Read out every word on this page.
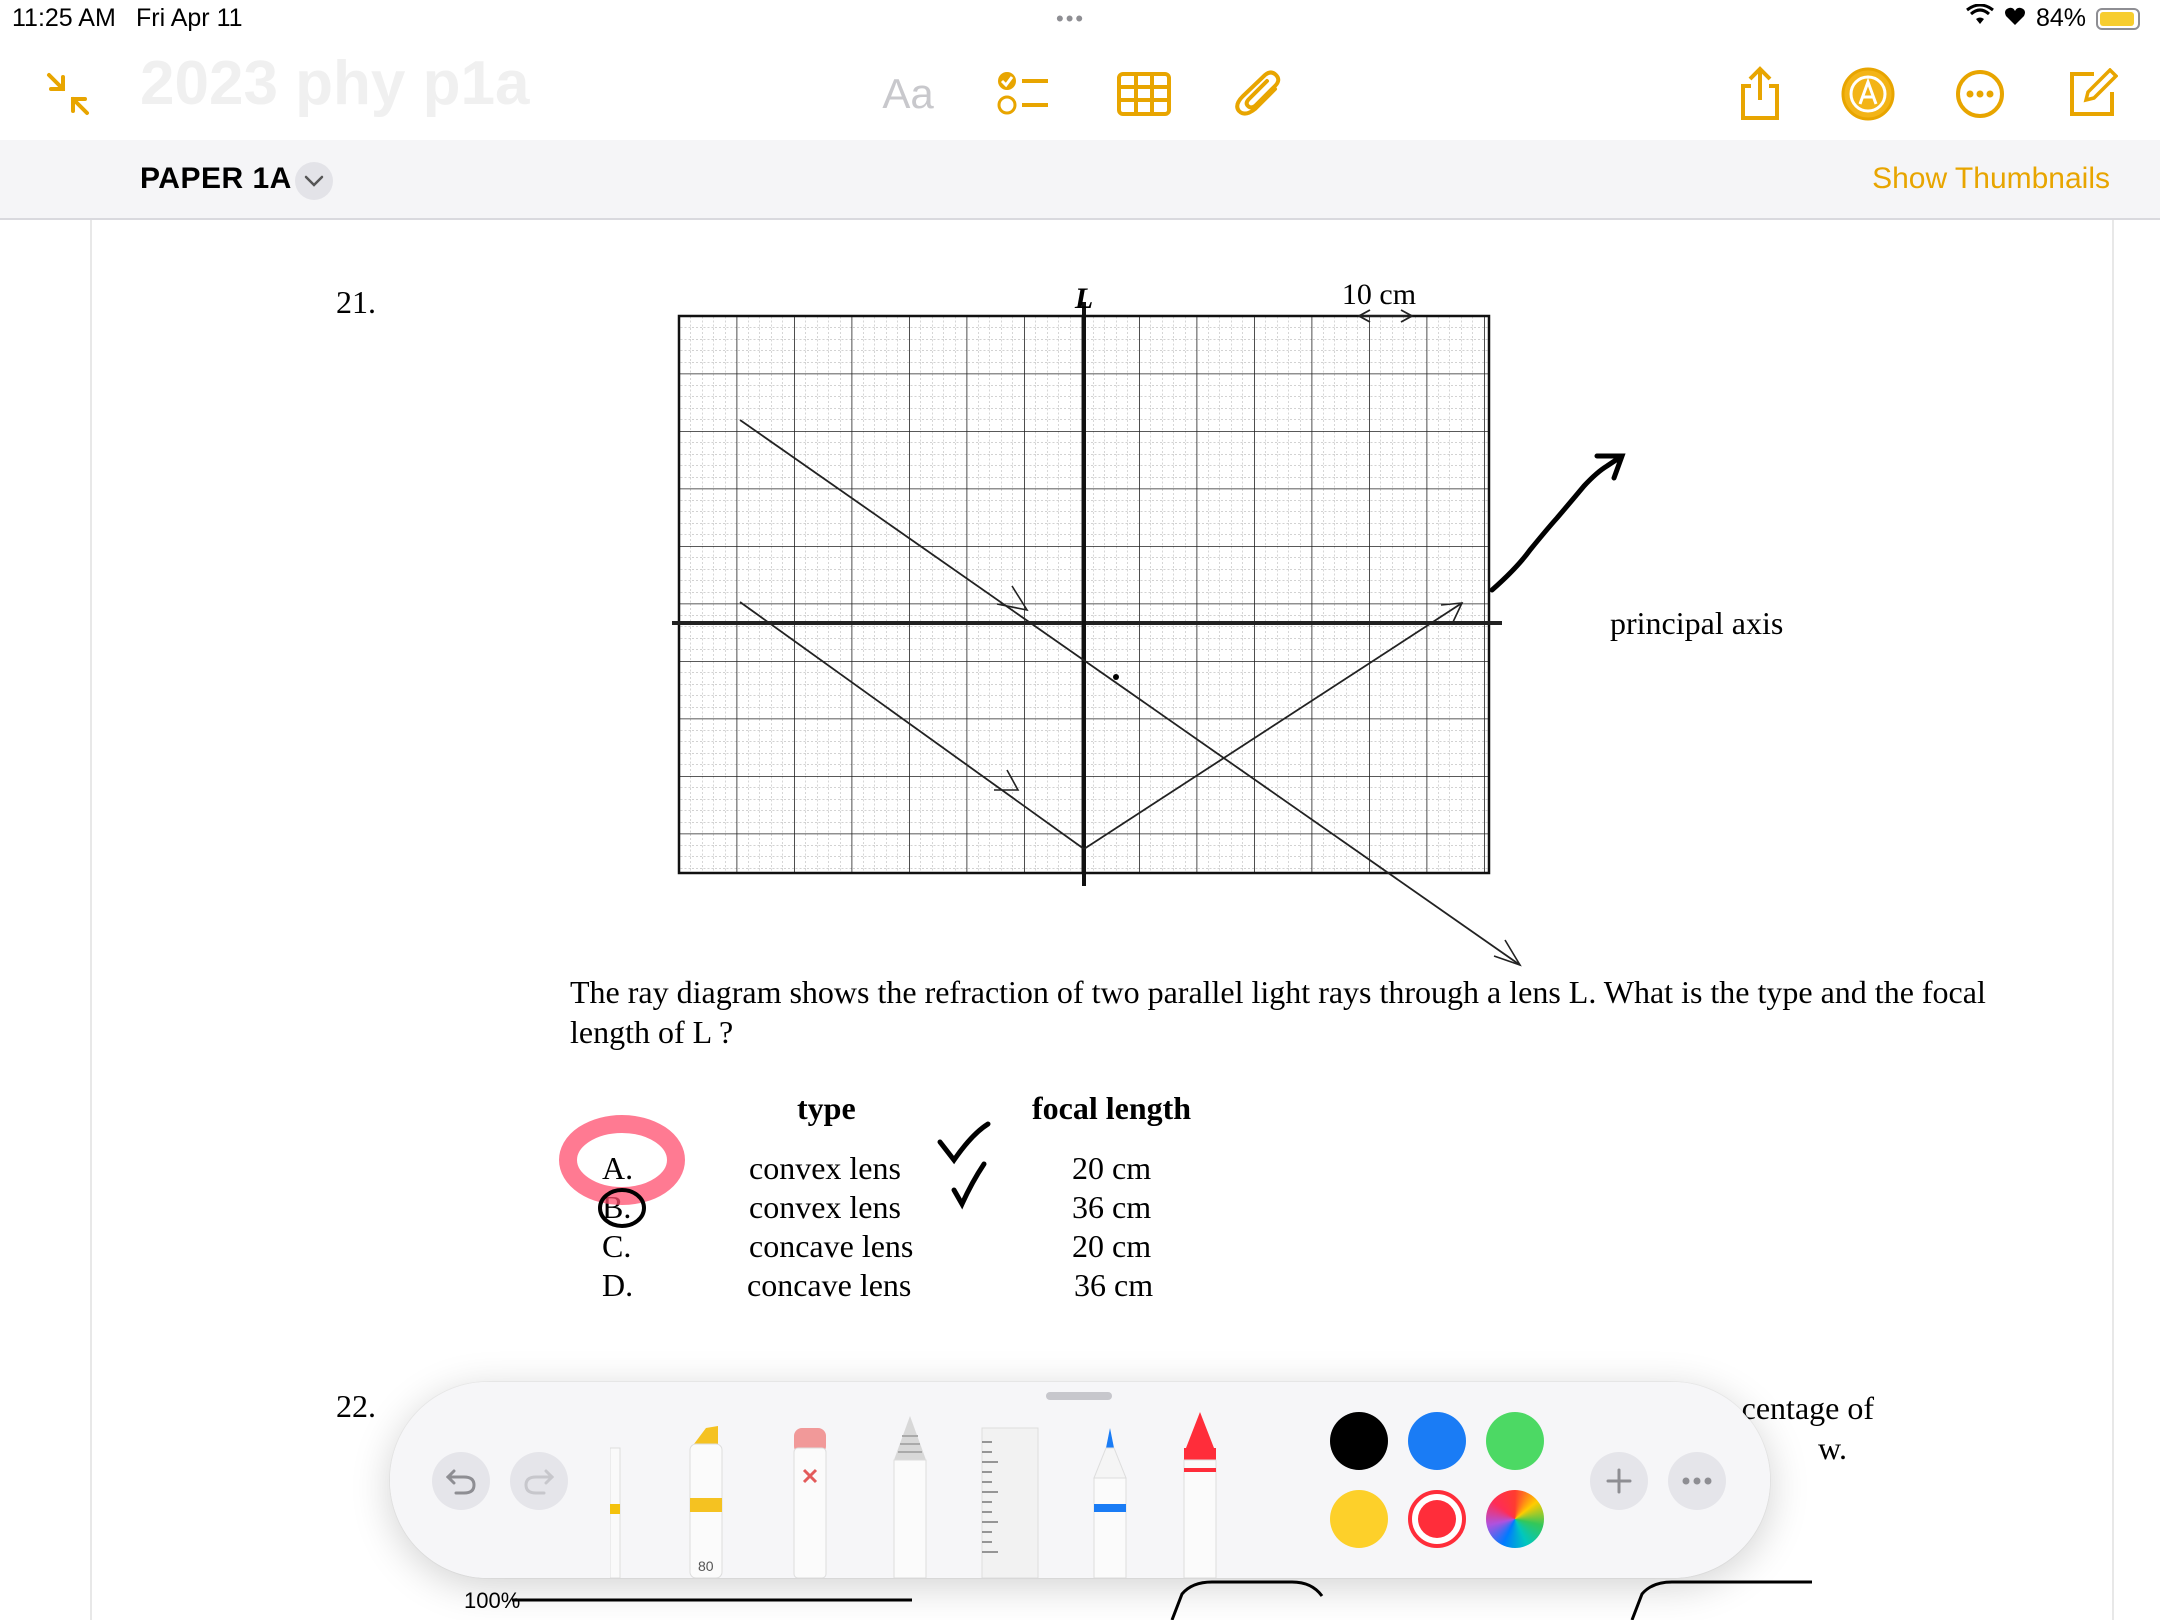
11:25 AM Fri Apr 11	•••	84%
2023 phy p1a	Aa
PAPER 1A	Show Thumbnails
21.	L	10 cm
principal axis
The ray diagram shows the refraction of two parallel light rays through a lens L. What is the type and the focal length of L ?
type	focal length
A.	convex lens	20 cm
B.	convex lens	36 cm
C.	concave lens	20 cm
D.	concave lens	36 cm
22.	centage of
w.
100%
80
